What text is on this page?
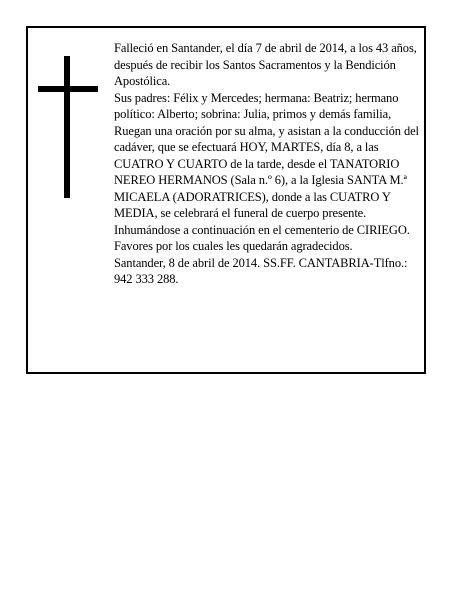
Falleció en Santander, el día 7 de abril de 2014, a los 43 años, después de recibir los Santos Sacramentos y la Bendición Apostólica.

Sus padres: Félix y Mercedes; hermana: Beatriz; hermano político: Alberto; sobrina: Julia, primos y demás familia,

Ruegan una oración por su alma, y asistan a la conducción del cadáver, que se efectuará HOY, MARTES, día 8, a las CUATRO Y CUARTO de la tarde, desde el TANATORIO NEREO HERMANOS (Sala n.º 6), a la Iglesia SANTA M.ª MICAELA (ADORATRICES), donde a las CUATRO Y MEDIA, se celebrará el funeral de cuerpo presente. Inhumándose a continuación en el cementerio de CIRIEGO. Favores por los cuales les quedarán agradecidos.

Santander, 8 de abril de 2014. SS.FF. CANTABRIA-Tlfno.: 942 333 288.
